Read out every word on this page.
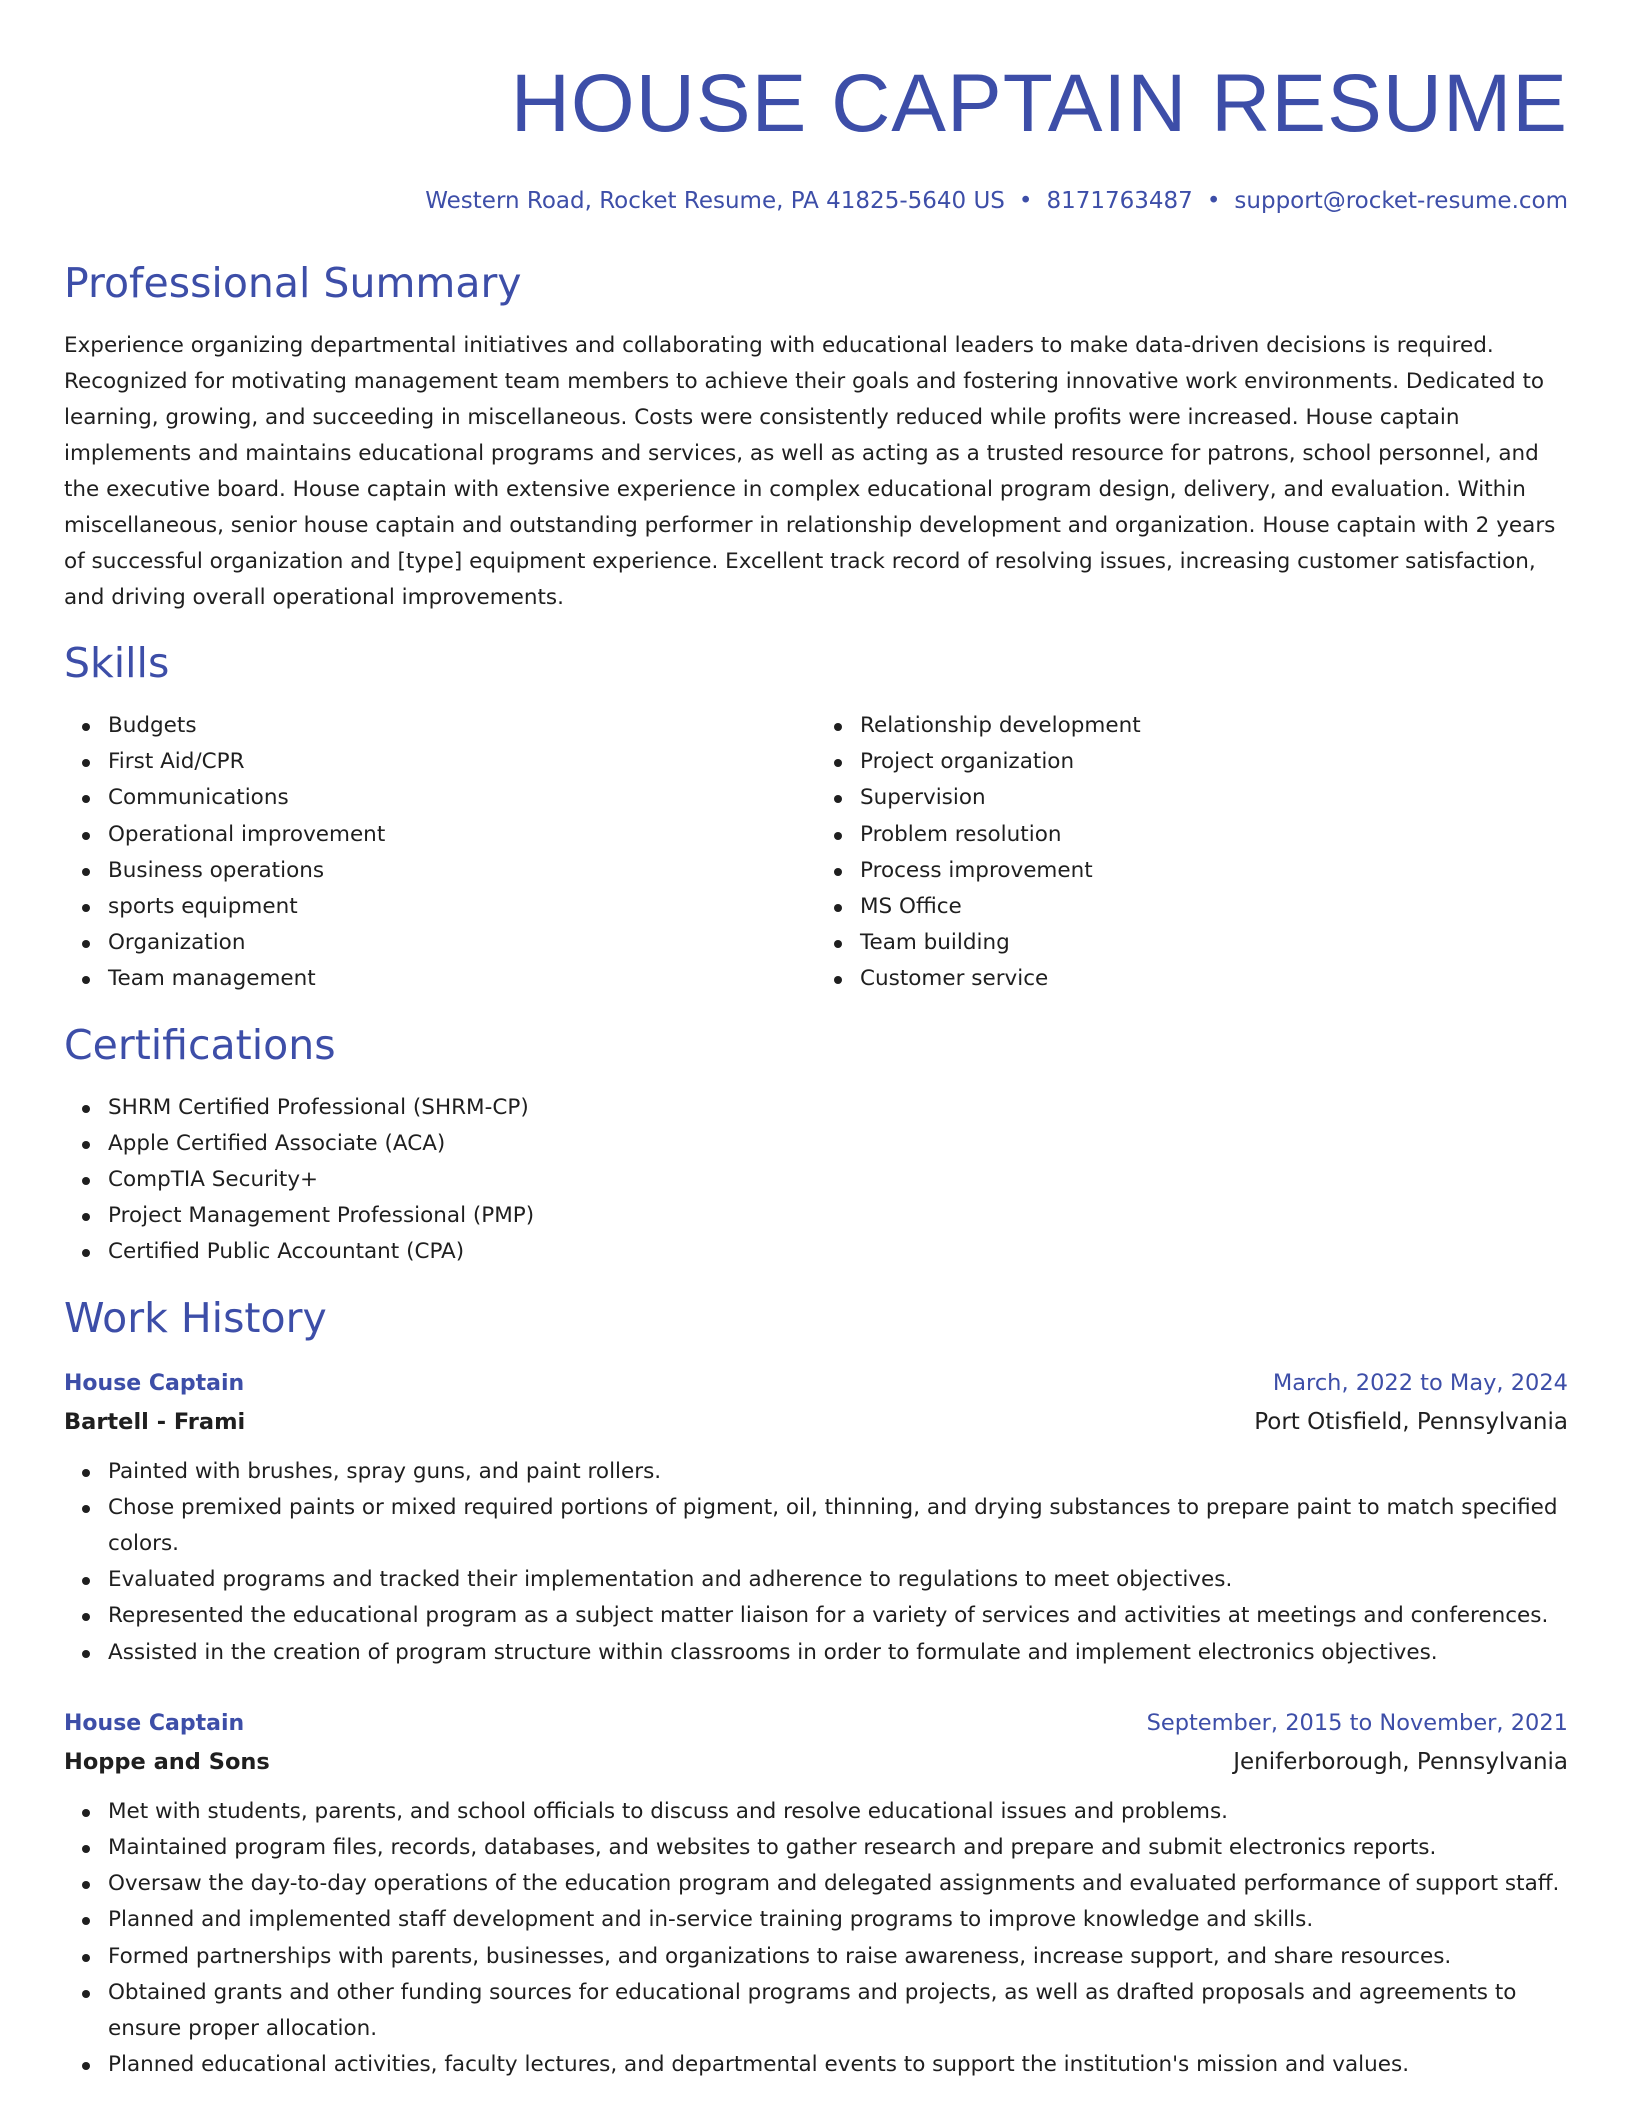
HOUSE CAPTAIN RESUME
Western Road, Rocket Resume, PA 41825-5640 US • 8171763487 • support@rocket-resume.com
Professional Summary

Experience organizing departmental initiatives and collaborating with educational leaders to make data-driven decisions is required. Recognized for motivating management team members to achieve their goals and fostering innovative work environments. Dedicated to learning, growing, and succeeding in miscellaneous. Costs were consistently reduced while profits were increased. House captain implements and maintains educational programs and services, as well as acting as a trusted resource for patrons, school personnel, and the executive board. House captain with extensive experience in complex educational program design, delivery, and evaluation. Within miscellaneous, senior house captain and outstanding performer in relationship development and organization. House captain with 2 years of successful organization and [type] equipment experience. Excellent track record of resolving issues, increasing customer satisfaction, and driving overall operational improvements.

Skills
Budgets
First Aid/CPR
Communications
Operational improvement
Business operations
sports equipment
Organization
Team management
Relationship development
Project organization
Supervision
Problem resolution
Process improvement
MS Office
Team building
Customer service
Certifications
SHRM Certified Professional (SHRM-CP)
Apple Certified Associate (ACA)
CompTIA Security+
Project Management Professional (PMP)
Certified Public Accountant (CPA)
Work History
House Captain	March, 2022 to May, 2024
Bartell - Frami	Port Otisfield, Pennsylvania
Painted with brushes, spray guns, and paint rollers.
Chose premixed paints or mixed required portions of pigment, oil, thinning, and drying substances to prepare paint to match specified colors.
Evaluated programs and tracked their implementation and adherence to regulations to meet objectives.
Represented the educational program as a subject matter liaison for a variety of services and activities at meetings and conferences.
Assisted in the creation of program structure within classrooms in order to formulate and implement electronics objectives.
House Captain	September, 2015 to November, 2021
Hoppe and Sons	Jeniferborough, Pennsylvania
Met with students, parents, and school officials to discuss and resolve educational issues and problems.
Maintained program files, records, databases, and websites to gather research and prepare and submit electronics reports.
Oversaw the day-to-day operations of the education program and delegated assignments and evaluated performance of support staff.
Planned and implemented staff development and in-service training programs to improve knowledge and skills.
Formed partnerships with parents, businesses, and organizations to raise awareness, increase support, and share resources.
Obtained grants and other funding sources for educational programs and projects, as well as drafted proposals and agreements to ensure proper allocation.
Planned educational activities, faculty lectures, and departmental events to support the institution's mission and values.
